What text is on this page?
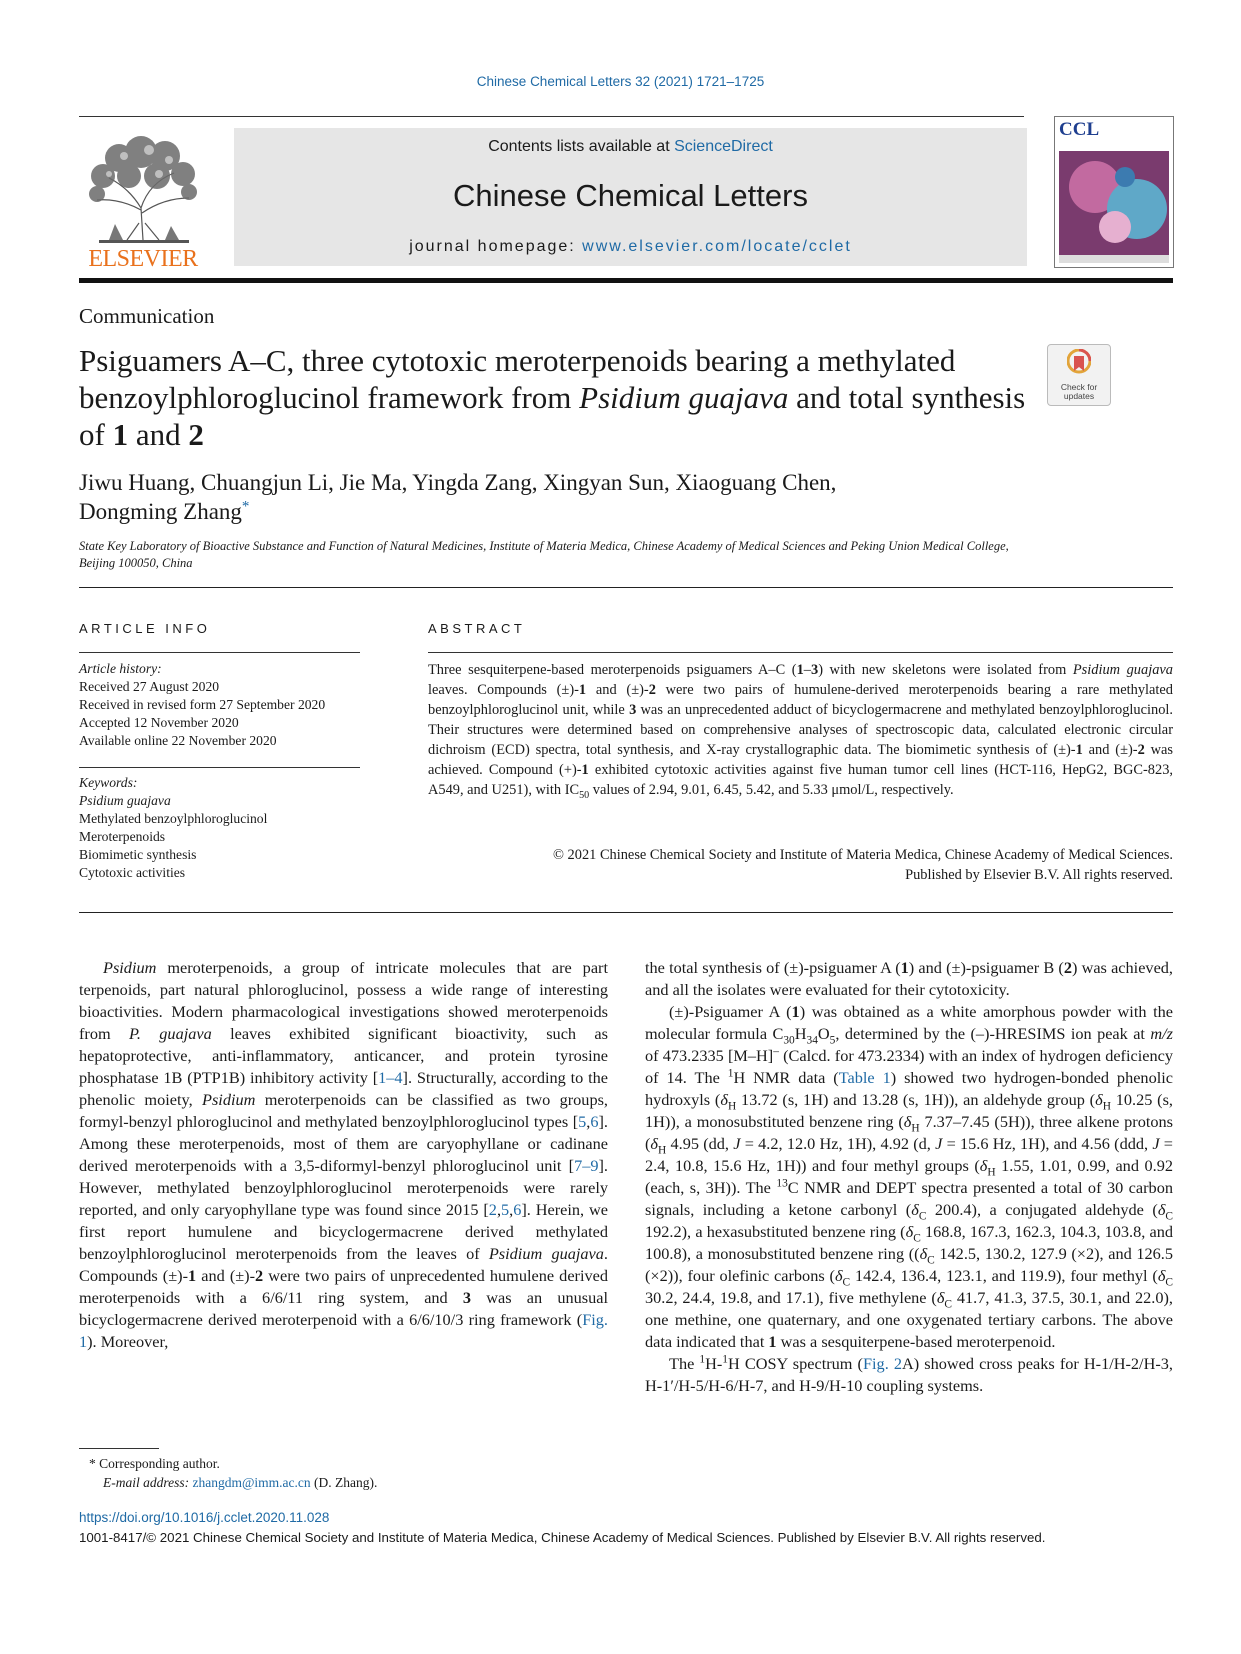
Chinese Chemical Letters 32 (2021) 1721–1725
ELSEVIER
Contents lists available at ScienceDirect
Chinese Chemical Letters
journal homepage: www.elsevier.com/locate/cclet
CCL
Communication
Psiguamers A–C, three cytotoxic meroterpenoids bearing a methylated benzoylphloroglucinol framework from Psidium guajava and total synthesis of 1 and 2
Check for updates
Jiwu Huang, Chuangjun Li, Jie Ma, Yingda Zang, Xingyan Sun, Xiaoguang Chen,
Dongming Zhang*
State Key Laboratory of Bioactive Substance and Function of Natural Medicines, Institute of Materia Medica, Chinese Academy of Medical Sciences and Peking Union Medical College, Beijing 100050, China
ARTICLE INFO	ABSTRACT
Article history:
Received 27 August 2020
Received in revised form 27 September 2020
Accepted 12 November 2020
Available online 22 November 2020
Keywords:
Psidium guajava
Methylated benzoylphloroglucinol
Meroterpenoids
Biomimetic synthesis
Cytotoxic activities
Three sesquiterpene-based meroterpenoids psiguamers A–C (1–3) with new skeletons were isolated from Psidium guajava leaves. Compounds (±)-1 and (±)-2 were two pairs of humulene-derived meroterpenoids bearing a rare methylated benzoylphloroglucinol unit, while 3 was an unprecedented adduct of bicyclogermacrene and methylated benzoylphloroglucinol. Their structures were determined based on comprehensive analyses of spectroscopic data, calculated electronic circular dichroism (ECD) spectra, total synthesis, and X-ray crystallographic data. The biomimetic synthesis of (±)-1 and (±)-2 was achieved. Compound (+)-1 exhibited cytotoxic activities against five human tumor cell lines (HCT-116, HepG2, BGC-823, A549, and U251), with $IC_{50}$ values of 2.94, 9.01, 6.45, 5.42, and 5.33 μmol/L, respectively.
© 2021 Chinese Chemical Society and Institute of Materia Medica, Chinese Academy of Medical Sciences.
Published by Elsevier B.V. All rights reserved.

Psidium meroterpenoids, a group of intricate molecules that are part terpenoids, part natural phloroglucinol, possess a wide range of interesting bioactivities. Modern pharmacological investigations showed meroterpenoids from P. guajava leaves exhibited significant bioactivity, such as hepatoprotective, anti-inflammatory, anticancer, and protein tyrosine phosphatase 1B (PTP1B) inhibitory activity [1–4]. Structurally, according to the phenolic moiety, Psidium meroterpenoids can be classified as two groups, formyl-benzyl phloroglucinol and methylated benzoylphloroglucinol types [5,6]. Among these meroterpenoids, most of them are caryophyllane or cadinane derived meroterpenoids with a 3,5-diformyl-benzyl phloroglucinol unit [7–9]. However, methylated benzoylphloroglucinol meroterpenoids were rarely reported, and only caryophyllane type was found since 2015 [2,5,6]. Herein, we first report humulene and bicyclogermacrene derived methylated benzoylphloroglucinol meroterpenoids from the leaves of Psidium guajava. Compounds (±)-1 and (±)-2 were two pairs of unprecedented humulene derived meroterpenoids with a 6/6/11 ring system, and 3 was an unusual bicyclogermacrene derived meroterpenoid with a 6/6/10/3 ring framework (Fig. 1). Moreover,

the total synthesis of (±)-psiguamer A (1) and (±)-psiguamer B (2) was achieved, and all the isolates were evaluated for their cytotoxicity.

(±)-Psiguamer A (1) was obtained as a white amorphous powder with the molecular formula $C_{30}H_{34}O_5$, determined by the (–)-HRESIMS ion peak at m/z of 473.2335 [M–H]– (Calcd. for 473.2334) with an index of hydrogen deficiency of 14. The $^1$H NMR data (Table 1) showed two hydrogen-bonded phenolic hydroxyls ($\delta_H$ 13.72 (s, 1H) and 13.28 (s, 1H)), an aldehyde group ($\delta_H$ 10.25 (s, 1H)), a monosubstituted benzene ring ($\delta_H$ 7.37–7.45 (5H)), three alkene protons ($\delta_H$ 4.95 (dd, J = 4.2, 12.0 Hz, 1H), 4.92 (d, J = 15.6 Hz, 1H), and 4.56 (ddd, J = 2.4, 10.8, 15.6 Hz, 1H)) and four methyl groups ($\delta_H$ 1.55, 1.01, 0.99, and 0.92 (each, s, 3H)). The $^{13}$C NMR and DEPT spectra presented a total of 30 carbon signals, including a ketone carbonyl ($\delta_C$ 200.4), a conjugated aldehyde ($\delta_C$ 192.2), a hexasubstituted benzene ring ($\delta_C$ 168.8, 167.3, 162.3, 104.3, 103.8, and 100.8), a monosubstituted benzene ring (($\delta_C$ 142.5, 130.2, 127.9 (×2), and 126.5 (×2)), four olefinic carbons ($\delta_C$ 142.4, 136.4, 123.1, and 119.9), four methyl ($\delta_C$ 30.2, 24.4, 19.8, and 17.1), five methylene ($\delta_C$ 41.7, 41.3, 37.5, 30.1, and 22.0), one methine, one quaternary, and one oxygenated tertiary carbons. The above data indicated that 1 was a sesquiterpene-based meroterpenoid.

The $^1$H-$^1$H COSY spectrum (Fig. 2A) showed cross peaks for H-1/H-2/H-3, H-1′/H-5/H-6/H-7, and H-9/H-10 coupling systems.

* Corresponding author.
E-mail address: zhangdm@imm.ac.cn (D. Zhang).
https://doi.org/10.1016/j.cclet.2020.11.028
1001-8417/© 2021 Chinese Chemical Society and Institute of Materia Medica, Chinese Academy of Medical Sciences. Published by Elsevier B.V. All rights reserved.
